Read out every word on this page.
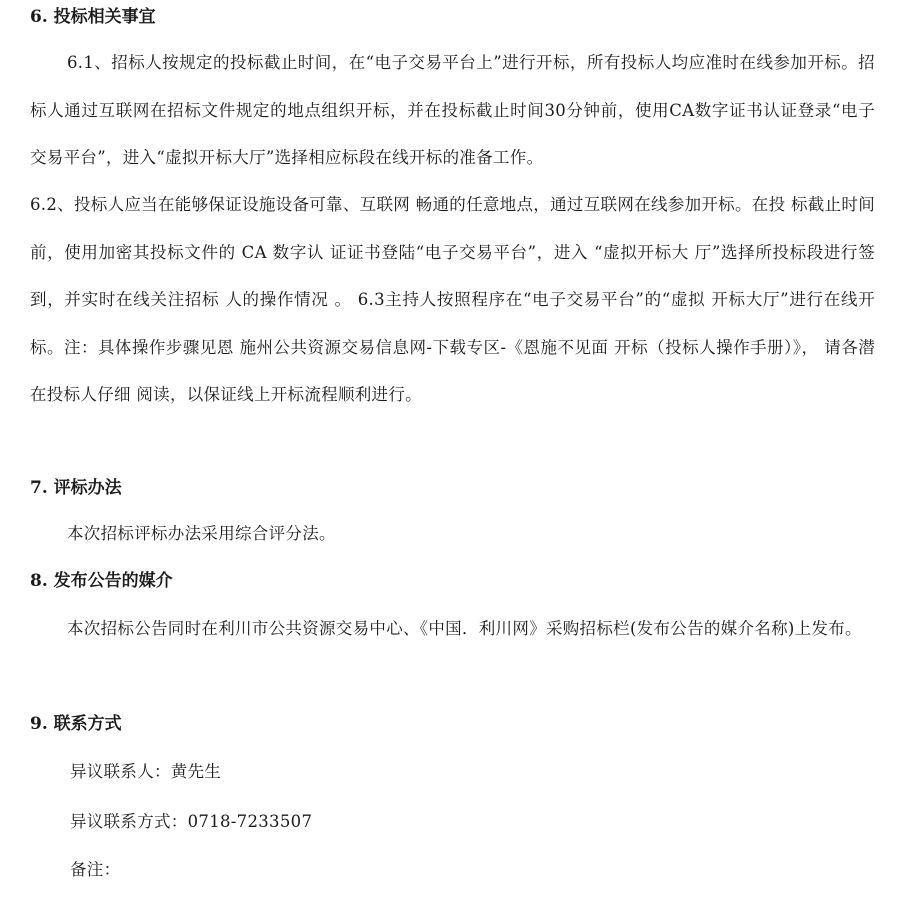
6. 投标相关事宜
6.1、招标人按规定的投标截止时间，在“电子交易平台上”进行开标，所有投标人均应准时在线参加开标。招标人通过互联网在招标文件规定的地点组织开标，并在投标截止时间30分钟前，使用CA数字证书认证登录“电子交易平台”，进入“虚拟开标大厅”选择相应标段在线开标的准备工作。
6.2、投标人应当在能够保证设施设备可靠、互联网 畅通的任意地点，通过互联网在线参加开标。在投 标截止时间前，使用加密其投标文件的 CA 数字认 证证书登陆“电子交易平台”，进入 “虚拟开标大 厅”选择所投标段进行签到，并实时在线关注招标 人的操作情况 。 6.3主持人按照程序在“电子交易平台”的“虚拟 开标大厅”进行在线开标。注：具体操作步骤见恩 施州公共资源交易信息网-下载专区-《恩施不见面 开标（投标人操作手册）》， 请各潜在投标人仔细 阅读，以保证线上开标流程顺利进行。
7. 评标办法
本次招标评标办法采用综合评分法。
8. 发布公告的媒介
本次招标公告同时在利川市公共资源交易中心、《中国．利川网》采购招标栏(发布公告的媒介名称)上发布。
9. 联系方式
异议联系人：黄先生
异议联系方式：0718-7233507
备注：
